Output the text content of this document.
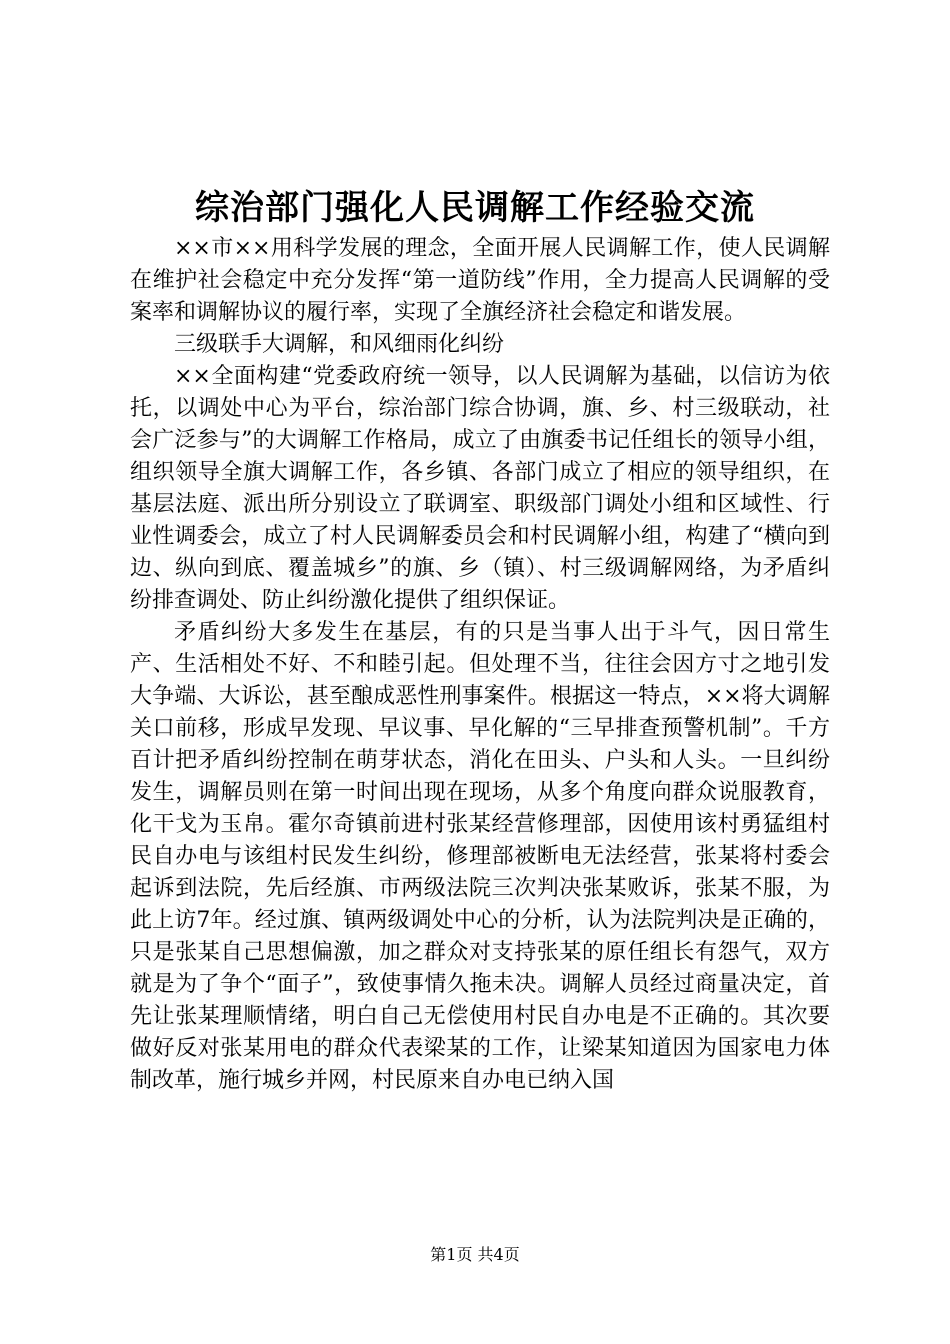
综治部门强化人民调解工作经验交流

××市××用科学发展的理念，全面开展人民调解工作，使人民调解在维护社会稳定中充分发挥“第一道防线”作用，全力提高人民调解的受案率和调解协议的履行率，实现了全旗经济社会稳定和谐发展。

三级联手大调解，和风细雨化纠纷

××全面构建“党委政府统一领导，以人民调解为基础，以信访为依托，以调处中心为平台，综治部门综合协调，旗、乡、村三级联动，社会广泛参与”的大调解工作格局，成立了由旗委书记任组长的领导小组，组织领导全旗大调解工作，各乡镇、各部门成立了相应的领导组织，在基层法庭、派出所分别设立了联调室、职级部门调处小组和区域性、行业性调委会，成立了村人民调解委员会和村民调解小组，构建了“横向到边、纵向到底、覆盖城乡”的旗、乡（镇）、村三级调解网络，为矛盾纠纷排查调处、防止纠纷激化提供了组织保证。

矛盾纠纷大多发生在基层，有的只是当事人出于斗气，因日常生产、生活相处不好、不和睦引起。但处理不当，往往会因方寸之地引发大争端、大诉讼，甚至酿成恶性刑事案件。根据这一特点，××将大调解关口前移，形成早发现、早议事、早化解的“三早排查预警机制”。千方百计把矛盾纠纷控制在萌芽状态，消化在田头、户头和人头。一旦纠纷发生，调解员则在第一时间出现在现场，从多个角度向群众说服教育，化干戈为玉帛。霍尔奇镇前进村张某经营修理部，因使用该村勇猛组村民自办电与该组村民发生纠纷，修理部被断电无法经营，张某将村委会起诉到法院，先后经旗、市两级法院三次判决张某败诉，张某不服，为此上访7年。经过旗、镇两级调处中心的分析，认为法院判决是正确的，只是张某自己思想偏激，加之群众对支持张某的原任组长有怨气，双方就是为了争个“面子”，致使事情久拖未决。调解人员经过商量决定，首先让张某理顺情绪，明白自己无偿使用村民自办电是不正确的。其次要做好反对张某用电的群众代表梁某的工作，让梁某知道因为国家电力体制改革，施行城乡并网，村民原来自办电已纳入国

第1页 共4页
